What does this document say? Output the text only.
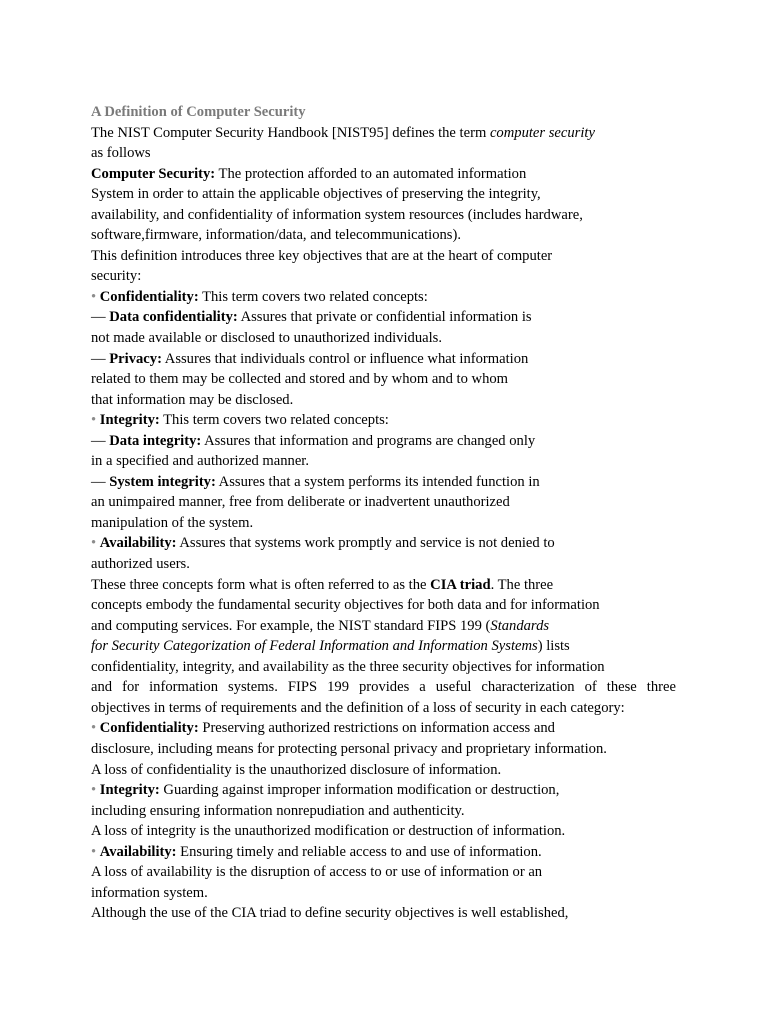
A Definition of Computer Security
The NIST Computer Security Handbook [NIST95] defines the term computer security
as follows
Computer Security: The protection afforded to an automated information
System in order to attain the applicable objectives of preserving the integrity,
availability, and confidentiality of information system resources (includes hardware,
software,firmware, information/data, and telecommunications).
This definition introduces three key objectives that are at the heart of computer
security:
• Confidentiality: This term covers two related concepts:
— Data confidentiality: Assures that private or confidential information is
not made available or disclosed to unauthorized individuals.
— Privacy: Assures that individuals control or influence what information
related to them may be collected and stored and by whom and to whom
that information may be disclosed.
• Integrity: This term covers two related concepts:
— Data integrity: Assures that information and programs are changed only
in a specified and authorized manner.
— System integrity: Assures that a system performs its intended function in
an unimpaired manner, free from deliberate or inadvertent unauthorized
manipulation of the system.
• Availability: Assures that systems work promptly and service is not denied to
authorized users.
These three concepts form what is often referred to as the CIA triad. The three
concepts embody the fundamental security objectives for both data and for information
and computing services. For example, the NIST standard FIPS 199 (Standards
for Security Categorization of Federal Information and Information Systems) lists
confidentiality, integrity, and availability as the three security objectives for information
and for information systems. FIPS 199 provides a useful characterization of these three
objectives in terms of requirements and the definition of a loss of security in each category:
• Confidentiality: Preserving authorized restrictions on information access and
disclosure, including means for protecting personal privacy and proprietary information.
A loss of confidentiality is the unauthorized disclosure of information.
• Integrity: Guarding against improper information modification or destruction,
including ensuring information nonrepudiation and authenticity.
A loss of integrity is the unauthorized modification or destruction of information.
• Availability: Ensuring timely and reliable access to and use of information.
A loss of availability is the disruption of access to or use of information or an
information system.
Although the use of the CIA triad to define security objectives is well established,
